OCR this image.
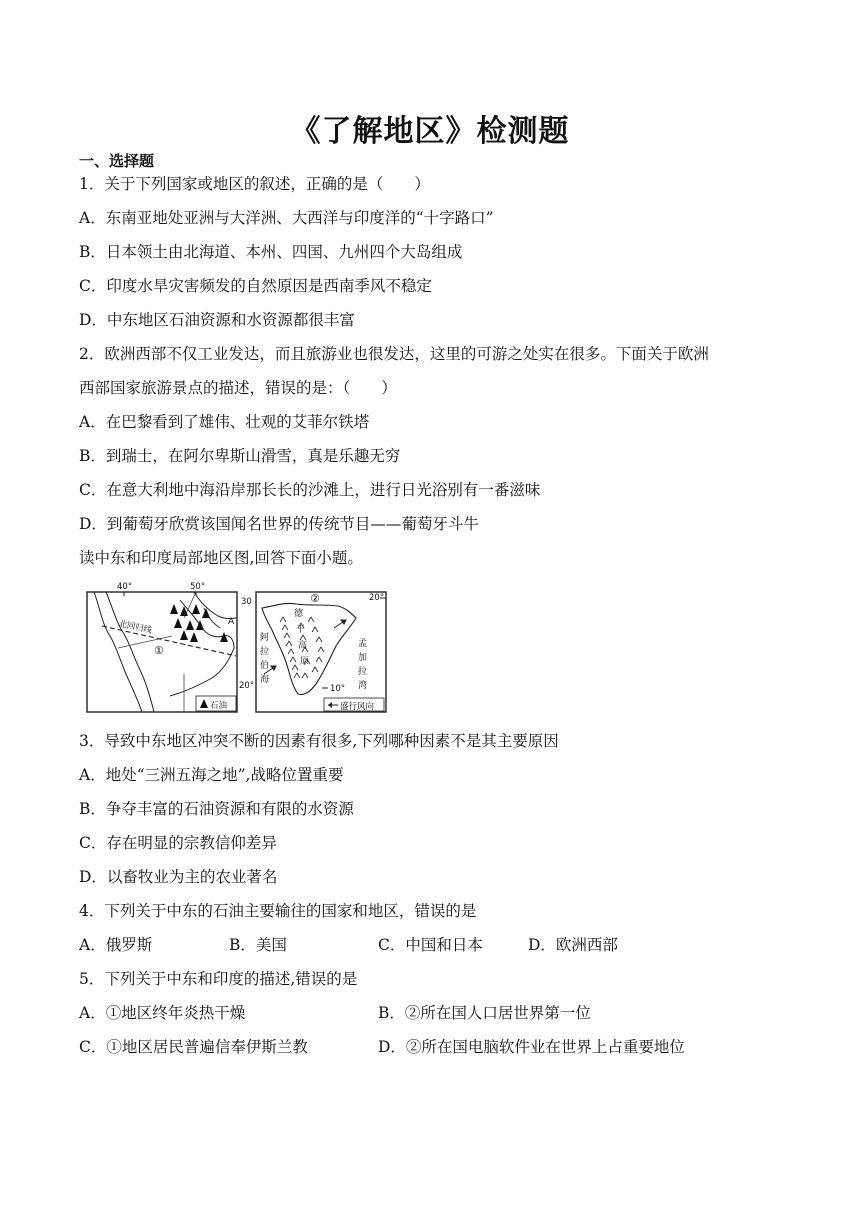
《了解地区》检测题
一、选择题
1．关于下列国家或地区的叙述，正确的是（　　）
A．东南亚地处亚洲与大洋洲、大西洋与印度洋的“十字路口”
B．日本领土由北海道、本州、四国、九州四个大岛组成
C．印度水旱灾害频发的自然原因是西南季风不稳定
D．中东地区石油资源和水资源都很丰富
2．欧洲西部不仅工业发达，而且旅游业也很发达，这里的可游之处实在很多。下面关于欧洲
西部国家旅游景点的描述，错误的是：（　　）
A．在巴黎看到了雄伟、壮观的艾菲尔铁塔
B．到瑞士，在阿尔卑斯山滑雪，真是乐趣无穷
C．在意大利地中海沿岸那长长的沙滩上，进行日光浴别有一番滋味
D．到葡萄牙欣赏该国闻名世界的传统节目——葡萄牙斗牛
读中东和印度局部地区图,回答下面小题。
40°	50°
30
20°
北回归线
①
A
石油
20°
10°
②
德
干
高
原
阿
拉
伯
海
孟
加
拉
湾
盛行风向
3．导致中东地区冲突不断的因素有很多,下列哪种因素不是其主要原因
A．地处“三洲五海之地”,战略位置重要
B．争夺丰富的石油资源和有限的水资源
C．存在明显的宗教信仰差异
D．以畜牧业为主的农业著名
4．下列关于中东的石油主要输往的国家和地区，错误的是
A．俄罗斯	B．美国	C．中国和日本	D．欧洲西部
5．下列关于中东和印度的描述,错误的是
A．①地区终年炎热干燥	B．②所在国人口居世界第一位
C．①地区居民普遍信奉伊斯兰教	D．②所在国电脑软件业在世界上占重要地位
